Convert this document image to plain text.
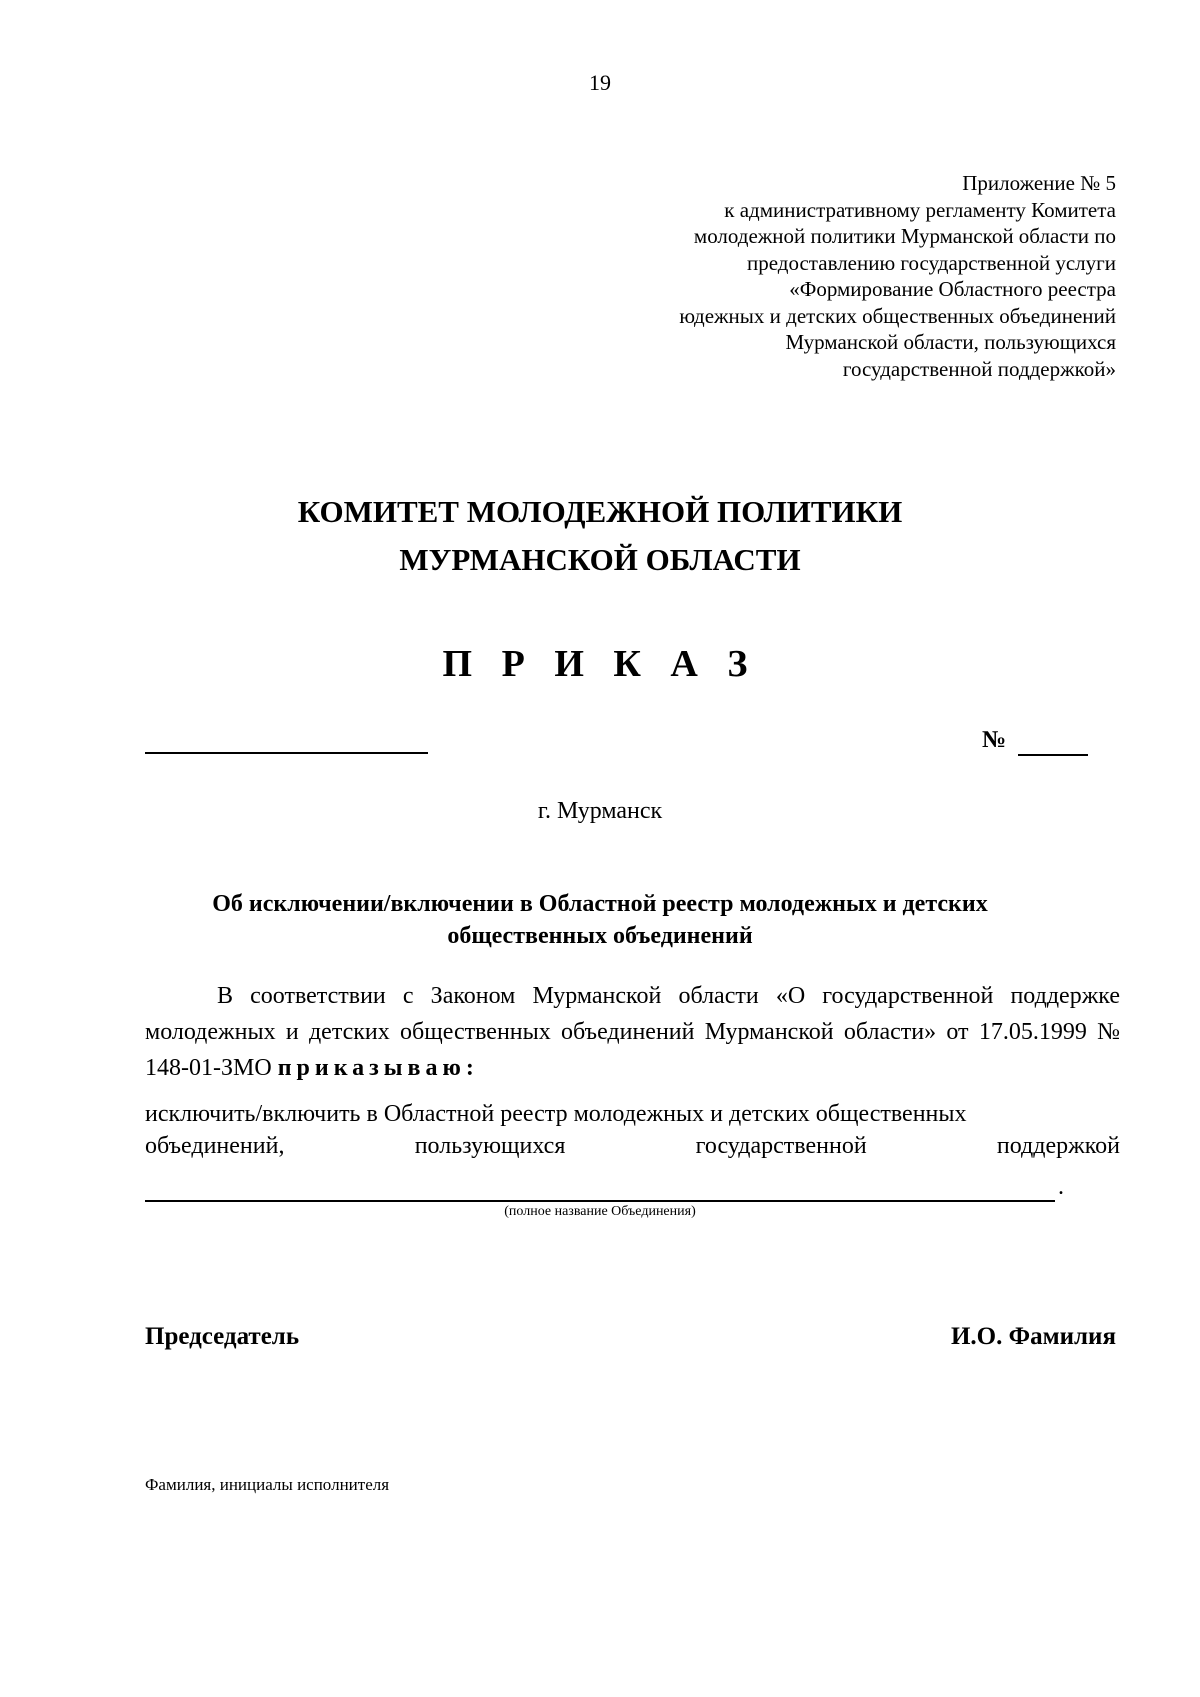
19
Приложение № 5
к административному регламенту Комитета
молодежной политики Мурманской области по
предоставлению государственной услуги
«Формирование Областного реестра
юдежных и детских общественных объединений
Мурманской области, пользующихся
государственной поддержкой»
КОМИТЕТ МОЛОДЕЖНОЙ ПОЛИТИКИ
МУРМАНСКОЙ ОБЛАСТИ
П Р И К А З
№
г. Мурманск
Об исключении/включении в Областной реестр молодежных и детских
общественных объединений
В соответствии с Законом Мурманской области «О государственной поддержке молодежных и детских общественных объединений Мурманской области» от 17.05.1999 № 148-01-ЗМО приказываю:
исключить/включить в Областной реестр молодежных и детских общественных
объединений,	пользующихся	государственной	поддержкой
.
(полное название Объединения)
Председатель	И.О. Фамилия
Фамилия, инициалы исполнителя
